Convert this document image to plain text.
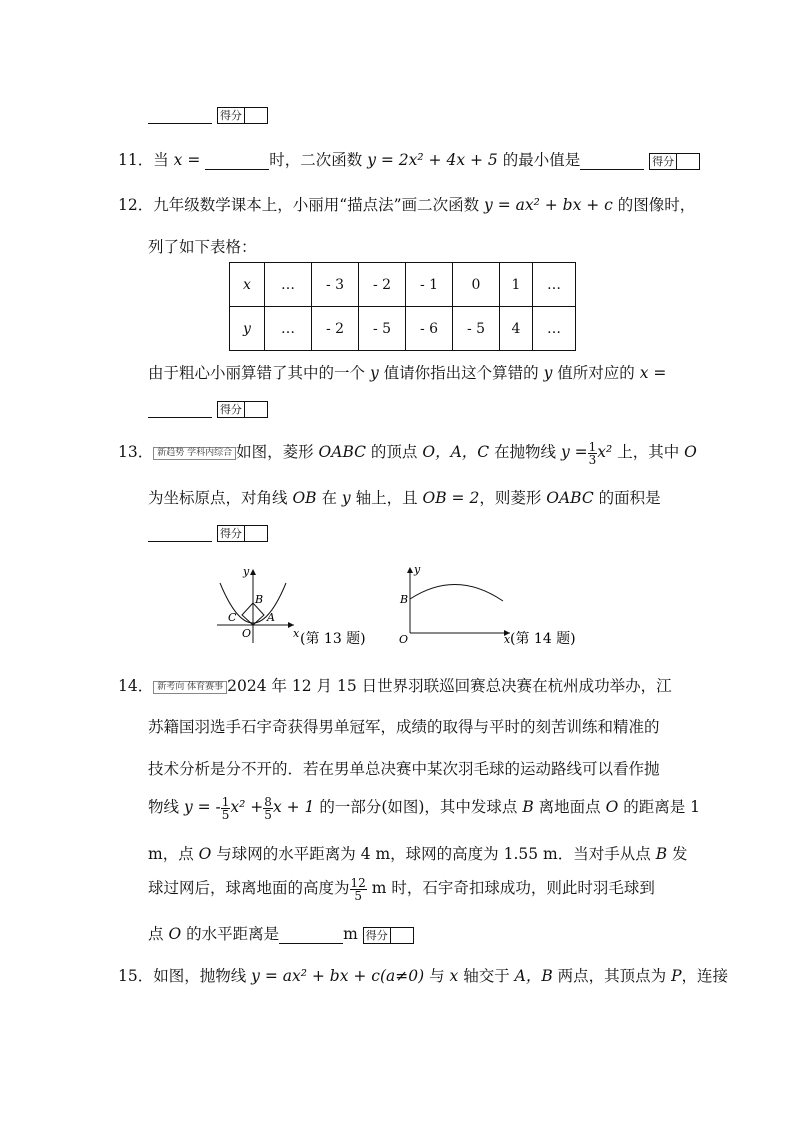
得分
11．当 x =	时，二次函数 y = 2x² + 4x + 5 的最小值是	得分
12．九年级数学课本上，小丽用“描点法”画二次函数 y = ax² + bx + c 的图像时，
列了如下表格：
x	…	- 3	- 2	- 1	0	1	…
y	…	- 2	- 5	- 6	- 5	4	…
由于粗心小丽算错了其中的一个 y 值请你指出这个算错的 y 值所对应的 x =
得分
13． 新趋势 学科内综合 如图，菱形 OABC 的顶点 O，A，C 在抛物线 $y = \frac{1}{3} x^2$ 上，其中 O
为坐标原点，对角线 OB 在 y 轴上，且 OB = 2，则菱形 OABC 的面积是
得分
x
y
O
A
B
C
(第 13 题)
y
B
O	x (第 14 题)
14． 新考向 体育赛事 2024 年 12 月 15 日世界羽联巡回赛总决赛在杭州成功举办，江
苏籍国羽选手石宇奇获得男单冠军，成绩的取得与平时的刻苦训练和精准的
技术分析是分不开的．若在男单总决赛中某次羽毛球的运动路线可以看作抛
物线 y = - $\frac{1}{5} x^2 + \frac{8}{5}$ x + 1 的一部分(如图)，其中发球点 B 离地面点 O 的距离是 1
m，点 O 与球网的水平距离为 4 m，球网的高度为 1.55 m．当对手从点 B 发
球过网后，球离地面的高度为 $\frac{12}{5}$ m 时，石宇奇扣球成功，则此时羽毛球到
点 O 的水平距离是	m 得分
15．如图，抛物线 y = ax² + bx + c(a≠0) 与 x 轴交于 A，B 两点，其顶点为 P，连接
